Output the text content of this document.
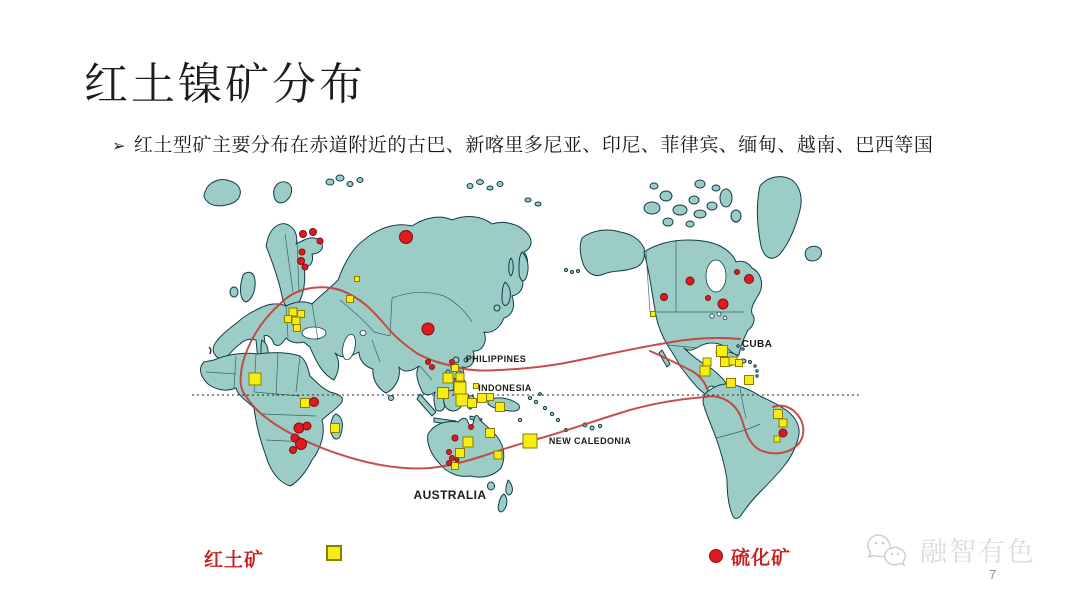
红土镍矿分布
➢ 红土型矿主要分布在赤道附近的古巴、新喀里多尼亚、印尼、菲律宾、缅甸、越南、巴西等国
PHILIPPINES
INDONESIA
NEW CALEDONIA
AUSTRALIA
CUBA
红土矿	硫化矿	融智有色
7
